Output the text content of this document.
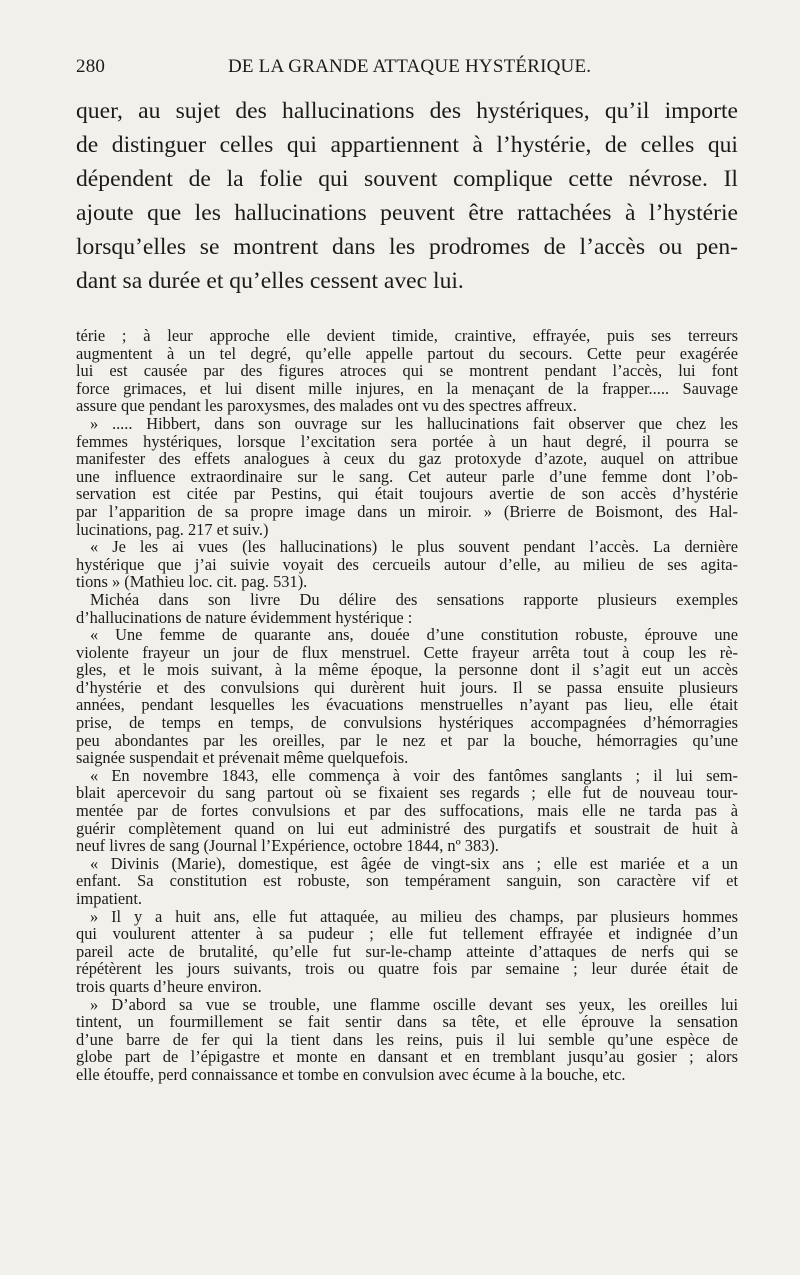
280	DE LA GRANDE ATTAQUE HYSTÉRIQUE.
quer, au sujet des hallucinations des hystériques, qu’il importe
de distinguer celles qui appartiennent à l’hystérie, de celles qui
dépendent de la folie qui souvent complique cette névrose. Il
ajoute que les hallucinations peuvent être rattachées à l’hystérie
lorsqu’elles se montrent dans les prodromes de l’accès ou pen-
dant sa durée et qu’elles cessent avec lui.
térie ; à leur approche elle devient timide, craintive, effrayée, puis ses terreurs
augmentent à un tel degré, qu’elle appelle partout du secours. Cette peur exagérée
lui est causée par des figures atroces qui se montrent pendant l’accès, lui font
force grimaces, et lui disent mille injures, en la menaçant de la frapper..... Sauvage
assure que pendant les paroxysmes, des malades ont vu des spectres affreux.
» ..... Hibbert, dans son ouvrage sur les hallucinations fait observer que chez les
femmes hystériques, lorsque l’excitation sera portée à un haut degré, il pourra se
manifester des effets analogues à ceux du gaz protoxyde d’azote, auquel on attribue
une influence extraordinaire sur le sang. Cet auteur parle d’une femme dont l’ob-
servation est citée par Pestins, qui était toujours avertie de son accès d’hystérie
par l’apparition de sa propre image dans un miroir. » (Brierre de Boismont, des Hal-
lucinations, pag. 217 et suiv.)
« Je les ai vues (les hallucinations) le plus souvent pendant l’accès. La dernière
hystérique que j’ai suivie voyait des cercueils autour d’elle, au milieu de ses agita-
tions » (Mathieu loc. cit. pag. 531).
Michéa dans son livre Du délire des sensations rapporte plusieurs exemples
d’hallucinations de nature évidemment hystérique :
« Une femme de quarante ans, douée d’une constitution robuste, éprouve une
violente frayeur un jour de flux menstruel. Cette frayeur arrêta tout à coup les rè-
gles, et le mois suivant, à la même époque, la personne dont il s’agit eut un accès
d’hystérie et des convulsions qui durèrent huit jours. Il se passa ensuite plusieurs
années, pendant lesquelles les évacuations menstruelles n’ayant pas lieu, elle était
prise, de temps en temps, de convulsions hystériques accompagnées d’hémorragies
peu abondantes par les oreilles, par le nez et par la bouche, hémorragies qu’une
saignée suspendait et prévenait même quelquefois.
« En novembre 1843, elle commença à voir des fantômes sanglants ; il lui sem-
blait apercevoir du sang partout où se fixaient ses regards ; elle fut de nouveau tour-
mentée par de fortes convulsions et par des suffocations, mais elle ne tarda pas à
guérir complètement quand on lui eut administré des purgatifs et soustrait de huit à
neuf livres de sang (Journal l’Expérience, octobre 1844, nº 383).
« Divinis (Marie), domestique, est âgée de vingt-six ans ; elle est mariée et a un
enfant. Sa constitution est robuste, son tempérament sanguin, son caractère vif et
impatient.
» Il y a huit ans, elle fut attaquée, au milieu des champs, par plusieurs hommes
qui voulurent attenter à sa pudeur ; elle fut tellement effrayée et indignée d’un
pareil acte de brutalité, qu’elle fut sur-le-champ atteinte d’attaques de nerfs qui se
répétèrent les jours suivants, trois ou quatre fois par semaine ; leur durée était de
trois quarts d’heure environ.
» D’abord sa vue se trouble, une flamme oscille devant ses yeux, les oreilles lui
tintent, un fourmillement se fait sentir dans sa tête, et elle éprouve la sensation
d’une barre de fer qui la tient dans les reins, puis il lui semble qu’une espèce de
globe part de l’épigastre et monte en dansant et en tremblant jusqu’au gosier ; alors
elle étouffe, perd connaissance et tombe en convulsion avec écume à la bouche, etc.
